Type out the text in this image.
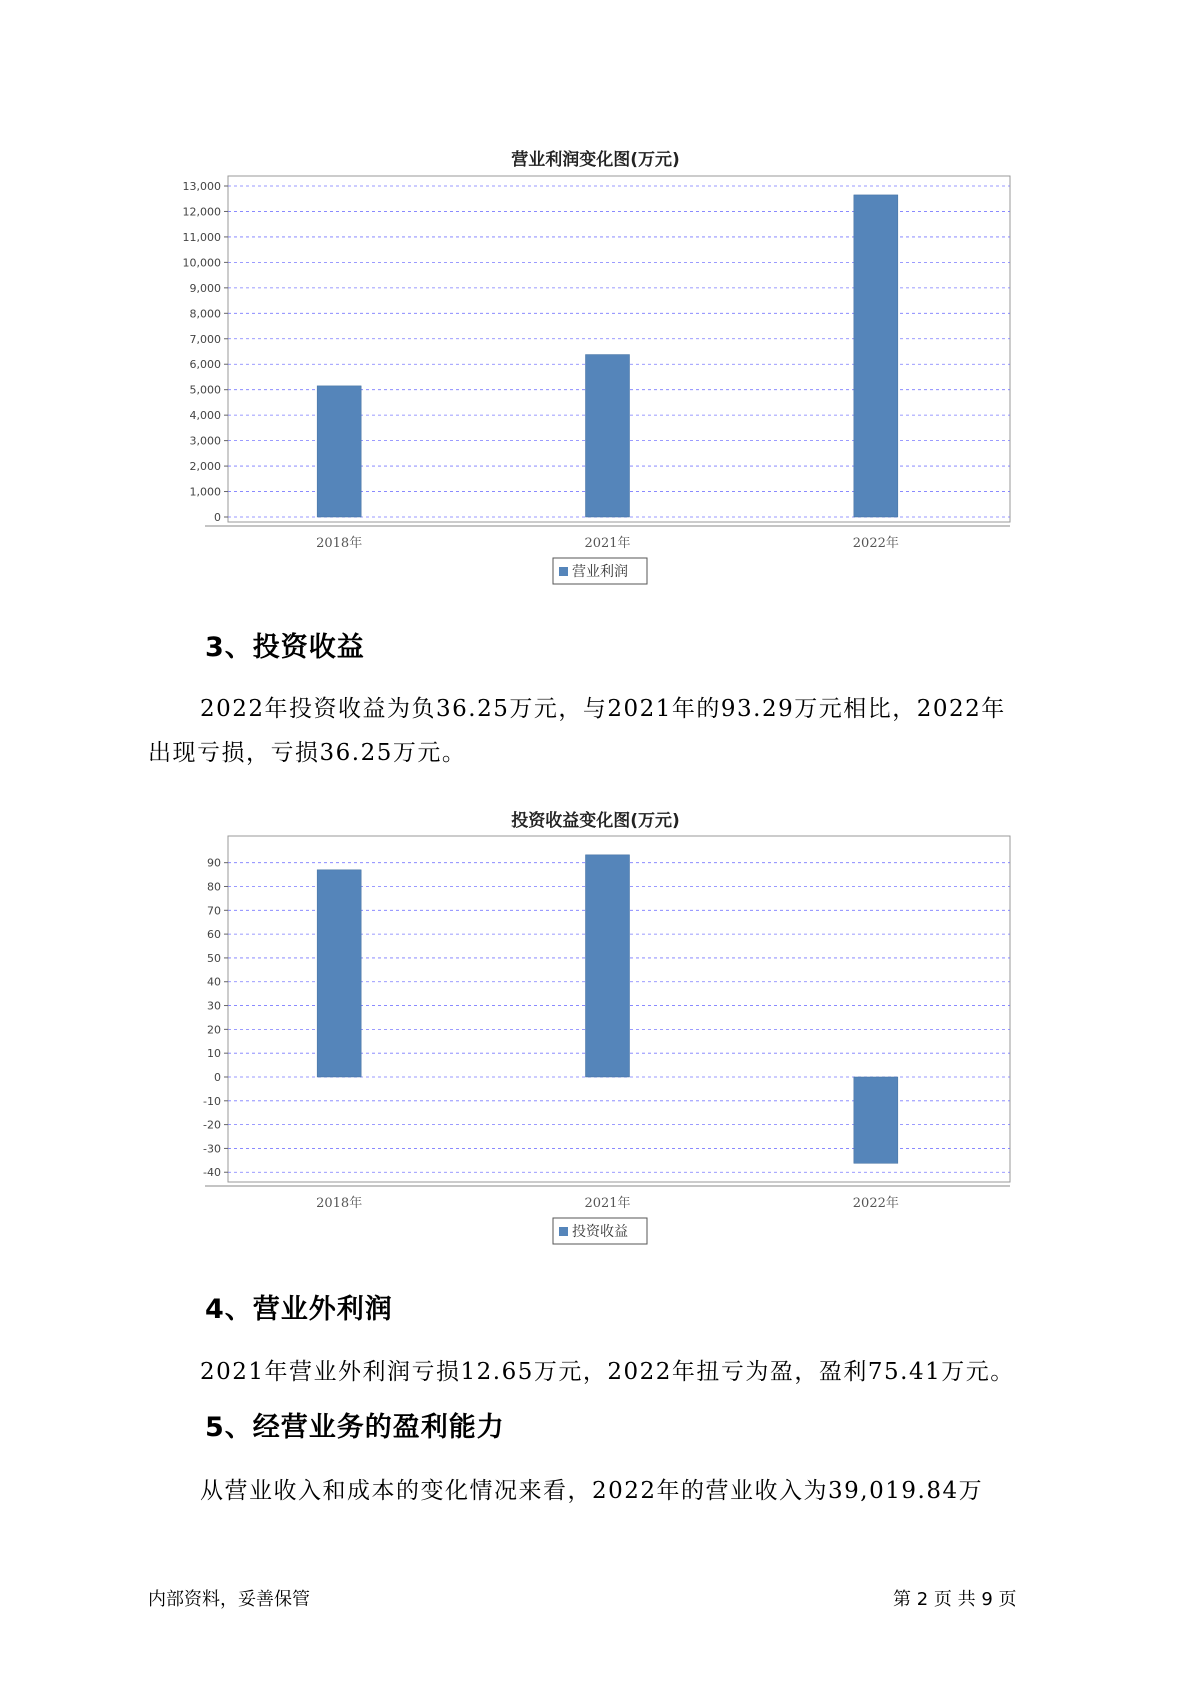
营业利润变化图(万元)
0
1,000
2,000
3,000
4,000
5,000
6,000
7,000
8,000
9,000
10,000
11,000
12,000
13,000
2018年	2021年	2022年
营业利润
3、投资收益
2022年投资收益为负36.25万元，与2021年的93.29万元相比，2022年
出现亏损，亏损36.25万元。
投资收益变化图(万元)
-40
-30
-20
-10
0
10
20
30
40
50
60
70
80
90
2018年	2021年	2022年
投资收益
4、营业外利润
2021年营业外利润亏损12.65万元，2022年扭亏为盈，盈利75.41万元。
5、经营业务的盈利能力
从营业收入和成本的变化情况来看，2022年的营业收入为39,019.84万
内部资料，妥善保管	第 2 页 共 9 页
